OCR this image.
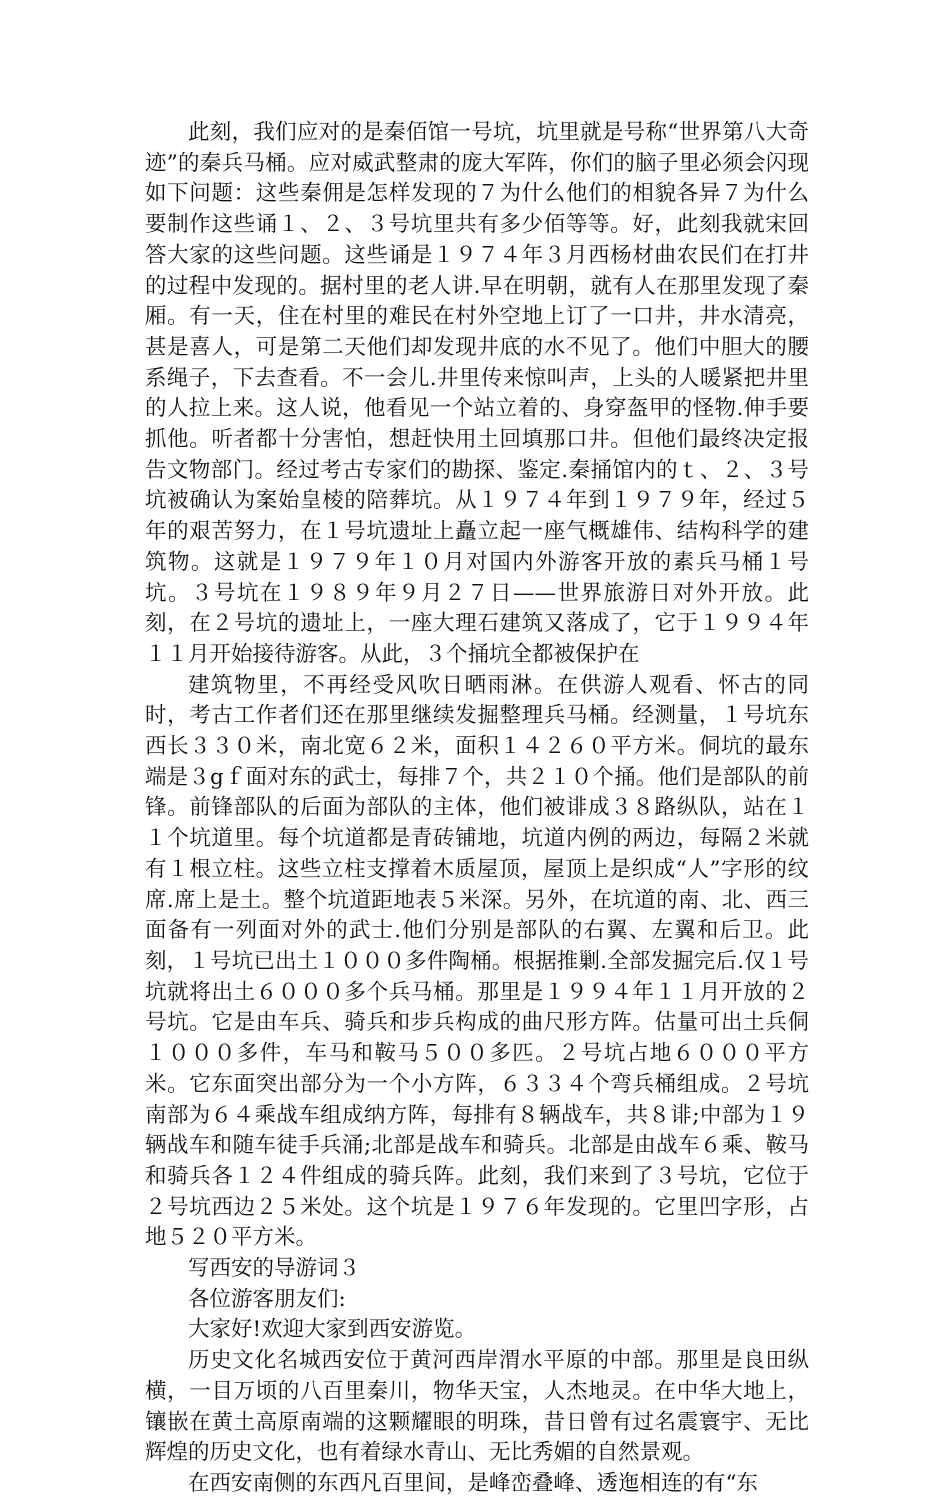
此刻，我们应对的是秦佰馆一号坑，坑里就是号称“世界第八大奇迹”的秦兵马桶。应对威武整肃的庞大军阵，你们的脑子里必须会闪现如下问题：这些秦佣是怎样发现的７为什么他们的相貌各异７为什么要制作这些诵１、２、３号坑里共有多少佰等等。好，此刻我就宋回答大家的这些问题。这些诵是１９７４年３月西杨材曲农民们在打井的过程中发现的。据村里的老人讲.早在明朝，就有人在那里发现了秦厢。有一天，住在村里的难民在村外空地上订了一口井，井水清亮，甚是喜人，可是第二天他们却发现井底的水不见了。他们中胆大的腰系绳子，下去查看。不一会儿.井里传来惊叫声，上头的人暖紧把井里的人拉上来。这人说，他看见一个站立着的、身穿盔甲的怪物.伸手要抓他。听者都十分害怕，想赶快用土回填那口井。但他们最终决定报告文物部门。经过考古专家们的勘探、鉴定.秦捅馆内的ｔ、２、３号坑被确认为案始皇棱的陪葬坑。从１９７４年到１９７９年，经过５年的艰苦努力，在１号坑遗址上矗立起一座气概雄伟、结构科学的建筑物。这就是１９７９年１０月对国内外游客开放的素兵马桶１号坑。３号坑在１９８９年９月２７日——世界旅游日对外开放。此刻，在２号坑的遗址上，一座大理石建筑又落成了，它于１９９４年１１月开始接待游客。从此，３个捅坑全都被保护在

建筑物里，不再经受风吹日晒雨淋。在供游人观看、怀古的同时，考古工作者们还在那里继续发掘整理兵马桶。经测量，１号坑东西长３３０米，南北宽６２米，面积１４２６０平方米。侗坑的最东端是３gｆ面对东的武士，每排７个，共２１０个捅。他们是部队的前锋。前锋部队的后面为部队的主体，他们被诽成３８路纵队，站在１１个坑道里。每个坑道都是青砖铺地，坑道内例的两边，每隔２米就有１根立柱。这些立柱支撑着木质屋顶，屋顶上是织成“人”字形的纹席.席上是土。整个坑道距地表５米深。另外，在坑道的南、北、西三面备有一列面对外的武士.他们分别是部队的右翼、左翼和后卫。此刻，１号坑已出土１０００多件陶桶。根据推剿.全部发掘完后.仅１号坑就将出土６０００多个兵马桶。那里是１９９４年１１月开放的２号坑。它是由车兵、骑兵和步兵构成的曲尺形方阵。估量可出土兵侗１０００多件，车马和鞍马５００多匹。２号坑占地６０００平方米。它东面突出部分为一个小方阵，６３３４个弯兵桶组成。２号坑南部为６４乘战车组成纳方阵，每排有８辆战车，共８诽;中部为１９辆战车和随车徒手兵涌;北部是战车和骑兵。北部是由战车６乘、鞍马和骑兵各１２４件组成的骑兵阵。此刻，我们来到了３号坑，它位于２号坑西边２５米处。这个坑是１９７６年发现的。它里凹字形，占地５２０平方米。

写西安的导游词３

各位游客朋友们:

大家好!欢迎大家到西安游览。

历史文化名城西安位于黄河西岸渭水平原的中部。那里是良田纵横，一目万顷的八百里秦川，物华天宝，人杰地灵。在中华大地上，镶嵌在黄土高原南端的这颗耀眼的明珠，昔日曾有过名震寰宇、无比辉煌的历史文化，也有着绿水青山、无比秀媚的自然景观。

在西安南侧的东西凡百里间，是峰峦叠峰、透迤相连的有“东
